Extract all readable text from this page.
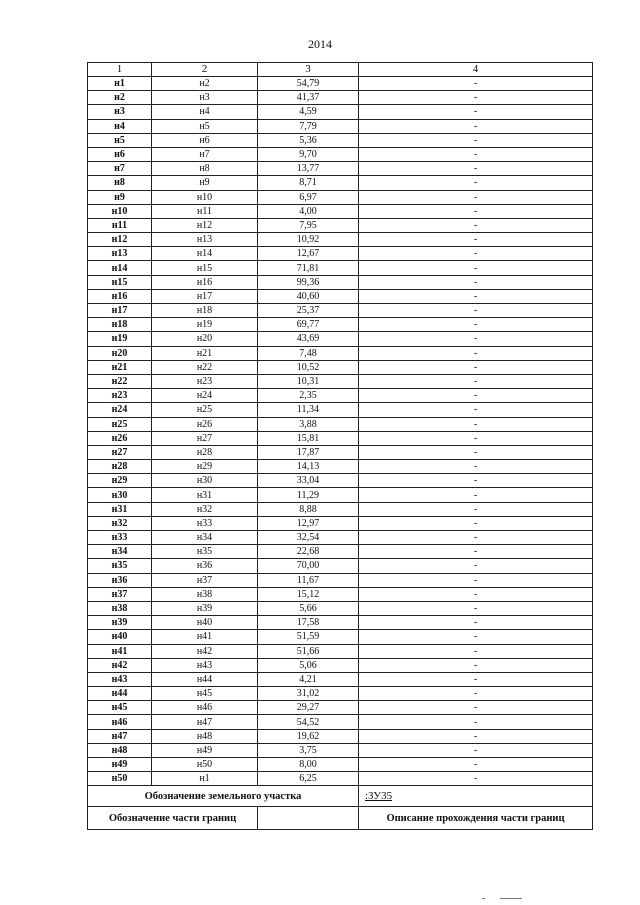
2014
1	2	3	4
н1	н2	54,79	-
н2	н3	41,37	-
н3	н4	4,59	-
н4	н5	7,79	-
н5	н6	5,36	-
н6	н7	9,70	-
н7	н8	13,77	-
н8	н9	8,71	-
н9	н10	6,97	-
н10	н11	4,00	-
н11	н12	7,95	-
н12	н13	10,92	-
н13	н14	12,67	-
н14	н15	71,81	-
н15	н16	99,36	-
н16	н17	40,60	-
н17	н18	25,37	-
н18	н19	69,77	-
н19	н20	43,69	-
н20	н21	7,48	-
н21	н22	10,52	-
н22	н23	10,31	-
н23	н24	2,35	-
н24	н25	11,34	-
н25	н26	3,88	-
н26	н27	15,81	-
н27	н28	17,87	-
н28	н29	14,13	-
н29	н30	33,04	-
н30	н31	11,29	-
н31	н32	8,88	-
н32	н33	12,97	-
н33	н34	32,54	-
н34	н35	22,68	-
н35	н36	70,00	-
н36	н37	11,67	-
н37	н38	15,12	-
н38	н39	5,66	-
н39	н40	17,58	-
н40	н41	51,59	-
н41	н42	51,66	-
н42	н43	5,06	-
н43	н44	4,21	-
н44	н45	31,02	-
н45	н46	29,27	-
н46	н47	54,52	-
н47	н48	19,62	-
н48	н49	3,75	-
н49	н50	8,00	-
н50	н1	6,25	-
Обозначение земельного участка			:ЗУ35
Обозначение части границ			Описание прохождения части границ
